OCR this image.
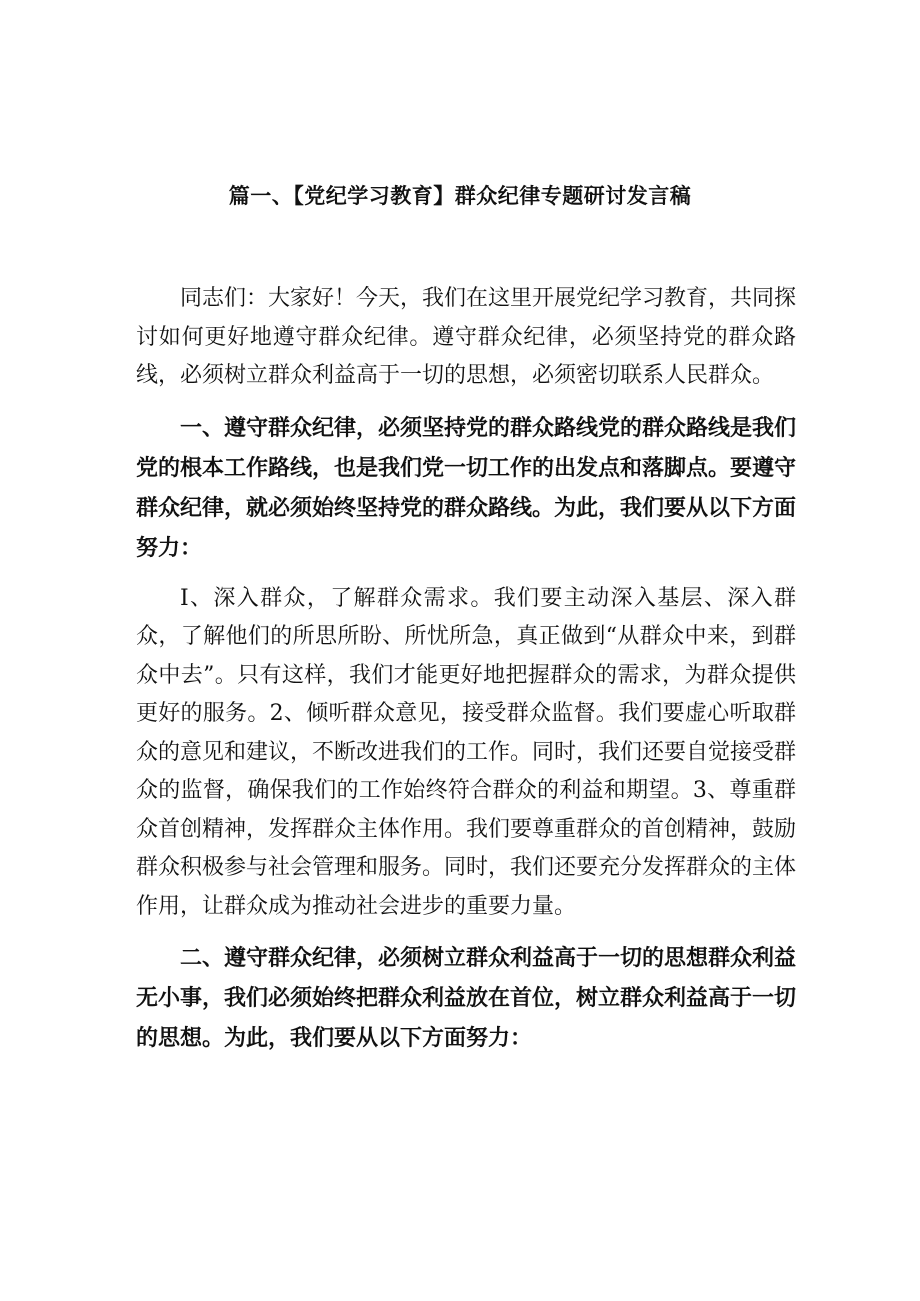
篇一、【党纪学习教育】群众纪律专题研讨发言稿

同志们：大家好！今天，我们在这里开展党纪学习教育，共同探讨如何更好地遵守群众纪律。遵守群众纪律，必须坚持党的群众路线，必须树立群众利益高于一切的思想，必须密切联系人民群众。

一、遵守群众纪律，必须坚持党的群众路线党的群众路线是我们党的根本工作路线，也是我们党一切工作的出发点和落脚点。要遵守群众纪律，就必须始终坚持党的群众路线。为此，我们要从以下方面努力：

I、深入群众，了解群众需求。我们要主动深入基层、深入群众，了解他们的所思所盼、所忧所急，真正做到“从群众中来，到群众中去”。只有这样，我们才能更好地把握群众的需求，为群众提供更好的服务。2、倾听群众意见，接受群众监督。我们要虚心听取群众的意见和建议，不断改进我们的工作。同时，我们还要自觉接受群众的监督，确保我们的工作始终符合群众的利益和期望。3、尊重群众首创精神，发挥群众主体作用。我们要尊重群众的首创精神，鼓励群众积极参与社会管理和服务。同时，我们还要充分发挥群众的主体作用，让群众成为推动社会进步的重要力量。

二、遵守群众纪律，必须树立群众利益高于一切的思想群众利益无小事，我们必须始终把群众利益放在首位，树立群众利益高于一切的思想。为此，我们要从以下方面努力：
